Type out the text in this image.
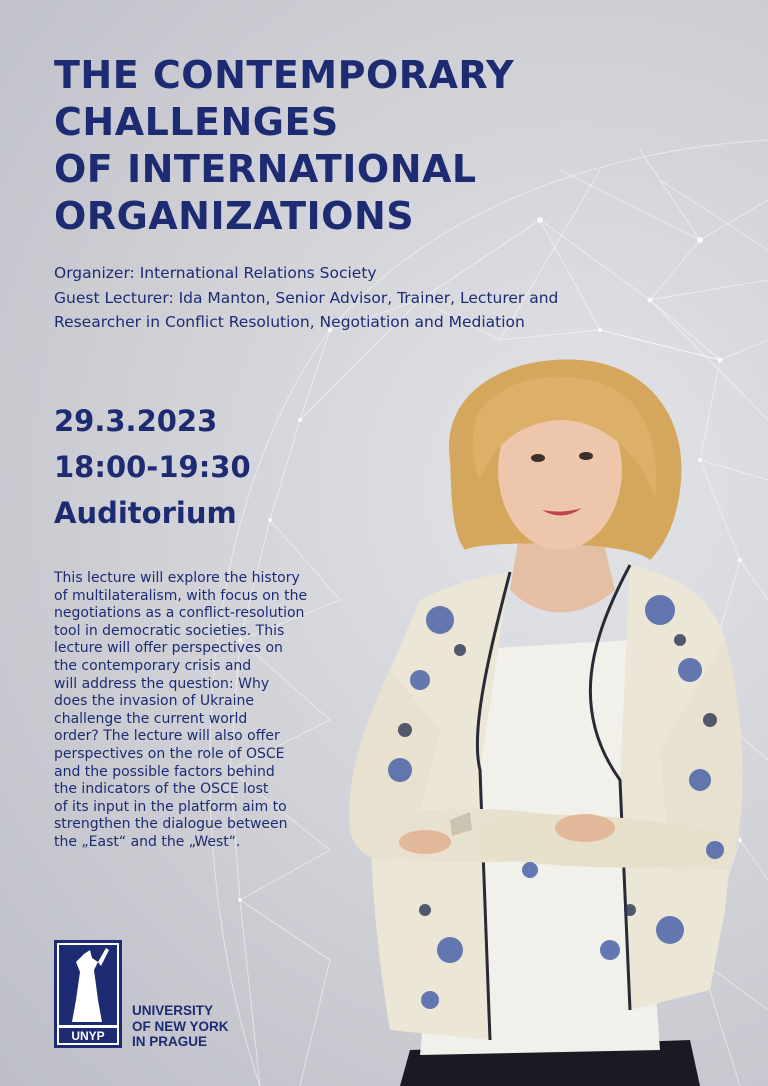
THE CONTEMPORARY
CHALLENGES
OF INTERNATIONAL
ORGANIZATIONS
Organizer: International Relations Society
Guest Lecturer: Ida Manton, Senior Advisor, Trainer, Lecturer and
Researcher in Conflict Resolution, Negotiation and Mediation
29.3.2023
18:00-19:30
Auditorium
This lecture will explore the history
of multilateralism, with focus on the
negotiations as a conflict-resolution
tool in democratic societies. This
lecture will offer perspectives on
the contemporary crisis and
will address the question: Why
does the invasion of Ukraine
challenge the current world
order? The lecture will also offer
perspectives on the role of OSCE
and the possible factors behind
the indicators of the OSCE lost
of its input in the platform aim to
strengthen the dialogue between
the „East“ and the „West“.
UNYP
UNIVERSITY
OF NEW YORK
IN PRAGUE
